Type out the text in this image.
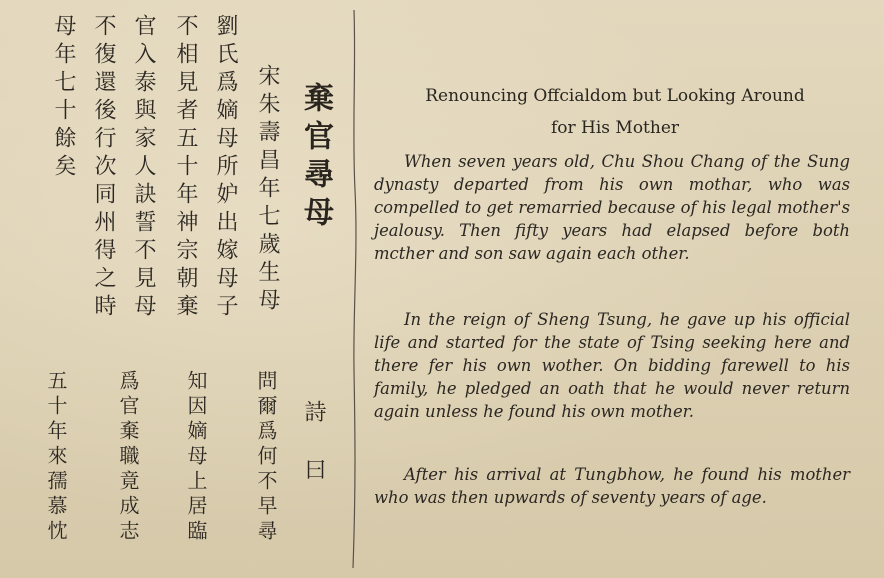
棄官尋母
宋朱壽昌年七歲生母
劉氏爲嫡母所妒出嫁母子
不相見者五十年神宗朝棄
官入泰與家人訣誓不見母
不復還後行次同州得之時
母年七十餘矣
詩曰
問爾爲何不早尋
知因嫡母上居臨
爲官棄職竟成志
五十年來孺慕忱
Renouncing Offcialdom but Looking Around
for His Mother

When seven years old, Chu Shou Chang of the Sung dynasty departed from his own mothar, who was compelled to get remarried because of his legal mother's jealousy. Then fifty years had elapsed before both mcther and son saw again each other.

In the reign of Sheng Tsung, he gave up his official life and started for the state of Tsing seeking here and there fer his own wother. On bidding farewell to his family, he pledged an oath that he would never return again unless he found his own mother.

After his arrival at Tungbhow, he found his mother who was then upwards of seventy years of age.
